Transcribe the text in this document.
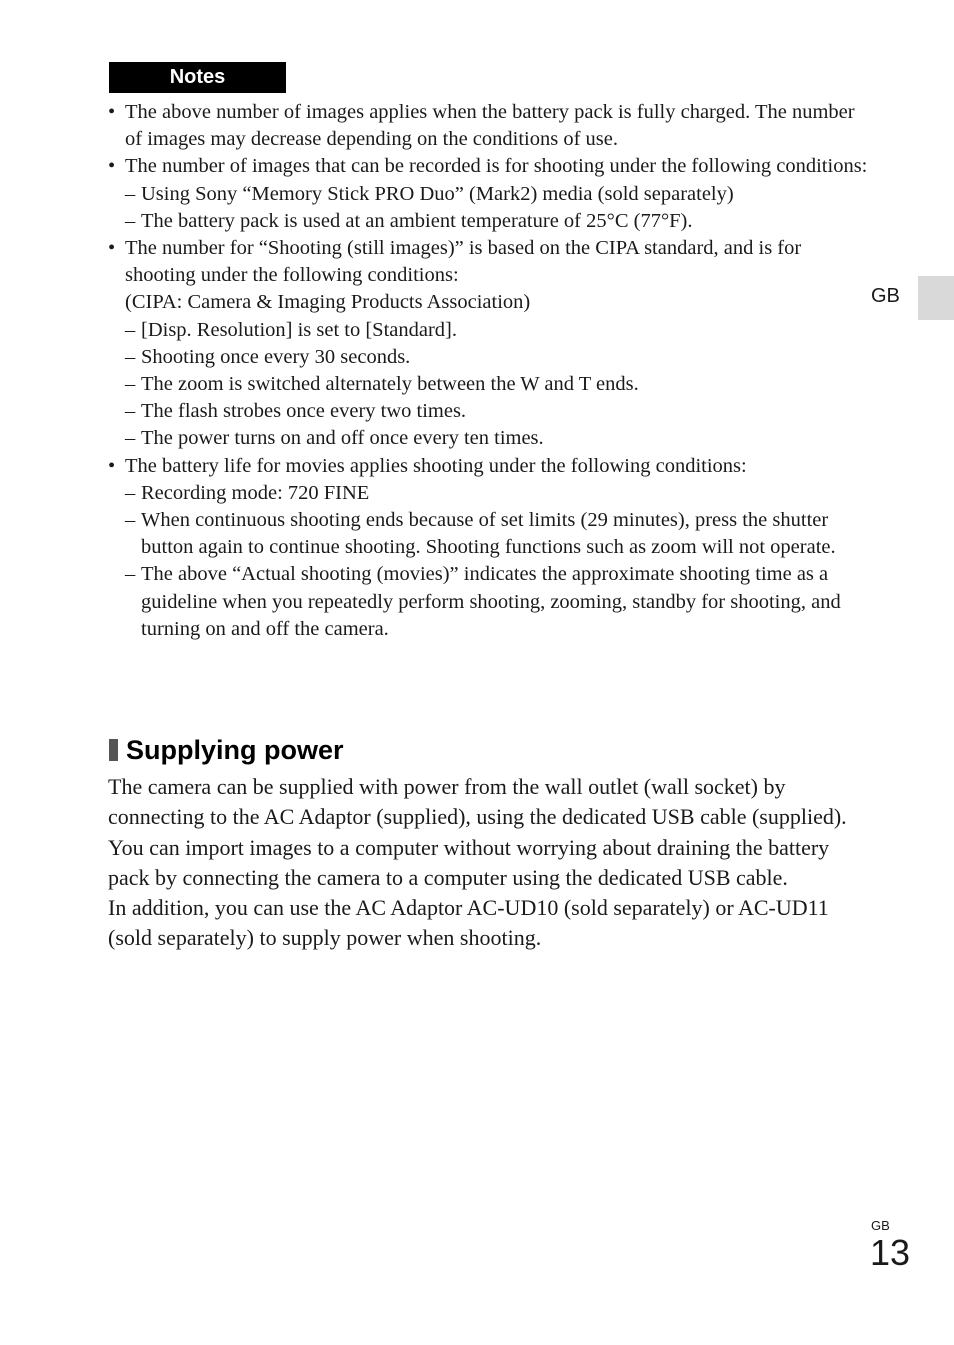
Notes
• The above number of images applies when the battery pack is fully charged. The number of images may decrease depending on the conditions of use.
• The number of images that can be recorded is for shooting under the following conditions:
– Using Sony “Memory Stick PRO Duo” (Mark2) media (sold separately)
– The battery pack is used at an ambient temperature of 25°C (77°F).
• The number for “Shooting (still images)” is based on the CIPA standard, and is for shooting under the following conditions:
(CIPA: Camera & Imaging Products Association)
– [Disp. Resolution] is set to [Standard].
– Shooting once every 30 seconds.
– The zoom is switched alternately between the W and T ends.
– The flash strobes once every two times.
– The power turns on and off once every ten times.
• The battery life for movies applies shooting under the following conditions:
– Recording mode: 720 FINE
– When continuous shooting ends because of set limits (29 minutes), press the shutter button again to continue shooting. Shooting functions such as zoom will not operate.
– The above “Actual shooting (movies)” indicates the approximate shooting time as a guideline when you repeatedly perform shooting, zooming, standby for shooting, and turning on and off the camera.
GB
Supplying power
The camera can be supplied with power from the wall outlet (wall socket) by connecting to the AC Adaptor (supplied), using the dedicated USB cable (supplied).
You can import images to a computer without worrying about draining the battery pack by connecting the camera to a computer using the dedicated USB cable.
In addition, you can use the AC Adaptor AC-UD10 (sold separately) or AC-UD11 (sold separately) to supply power when shooting.
GB
13
